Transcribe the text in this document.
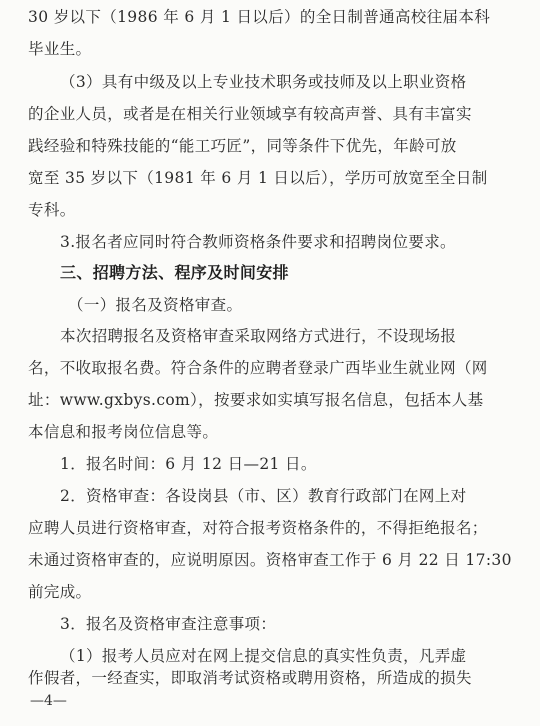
30 岁以下（1986 年 6 月 1 日以后）的全日制普通高校往届本科
毕业生。
（3）具有中级及以上专业技术职务或技师及以上职业资格
的企业人员，或者是在相关行业领域享有较高声誉、具有丰富实
践经验和特殊技能的“能工巧匠”，同等条件下优先，年龄可放
宽至 35 岁以下（1981 年 6 月 1 日以后），学历可放宽至全日制
专科。
3.报名者应同时符合教师资格条件要求和招聘岗位要求。
三、招聘方法、程序及时间安排
（一）报名及资格审查。
本次招聘报名及资格审查采取网络方式进行，不设现场报
名，不收取报名费。符合条件的应聘者登录广西毕业生就业网（网
址：www.gxbys.com），按要求如实填写报名信息，包括本人基
本信息和报考岗位信息等。
1．报名时间：6 月 12 日—21 日。
2．资格审查：各设岗县（市、区）教育行政部门在网上对
应聘人员进行资格审查，对符合报考资格条件的，不得拒绝报名；
未通过资格审查的，应说明原因。资格审查工作于 6 月 22 日 17:30
前完成。
3．报名及资格审查注意事项：
（1）报考人员应对在网上提交信息的真实性负责，凡弄虚
作假者，一经查实，即取消考试资格或聘用资格，所造成的损失
—4—
